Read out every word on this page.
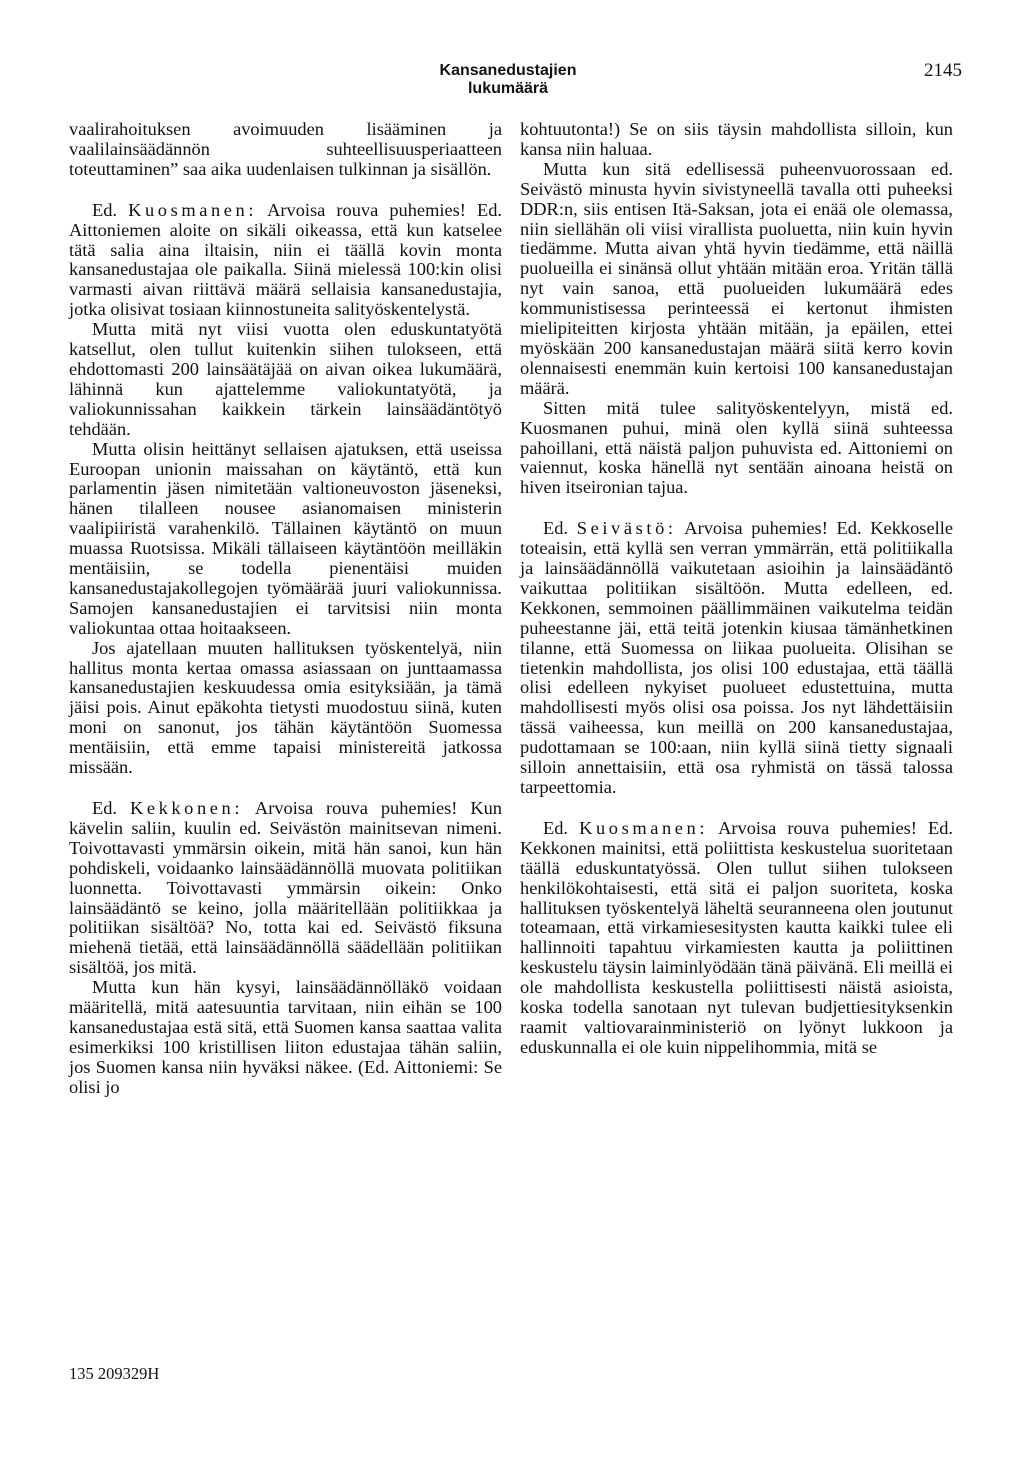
Kansanedustajien lukumäärä
2145

vaalirahoituksen avoimuuden lisääminen ja vaalilainsäädännön suhteellisuusperiaatteen toteuttaminen” saa aika uudenlaisen tulkinnan ja sisällön.

Ed. Kuosmanen: Arvoisa rouva puhemies! Ed. Aittoniemen aloite on sikäli oikeassa, että kun katselee tätä salia aina iltaisin, niin ei täällä kovin monta kansanedustajaa ole paikalla. Siinä mielessä 100:kin olisi varmasti aivan riittävä määrä sellaisia kansanedustajia, jotka olisivat tosiaan kiinnostuneita salityöskentelystä.

Mutta mitä nyt viisi vuotta olen eduskuntatyötä katsellut, olen tullut kuitenkin siihen tulokseen, että ehdottomasti 200 lainsäätäjää on aivan oikea lukumäärä, lähinnä kun ajattelemme valiokuntatyötä, ja valiokunnissahan kaikkein tärkein lainsäädäntötyö tehdään.

Mutta olisin heittänyt sellaisen ajatuksen, että useissa Euroopan unionin maissahan on käytäntö, että kun parlamentin jäsen nimitetään valtioneuvoston jäseneksi, hänen tilalleen nousee asianomaisen ministerin vaalipiiristä varahenkilö. Tällainen käytäntö on muun muassa Ruotsissa. Mikäli tällaiseen käytäntöön meilläkin mentäisiin, se todella pienentäisi muiden kansanedustajakollegojen työmäärää juuri valiokunnissa. Samojen kansanedustajien ei tarvitsisi niin monta valiokuntaa ottaa hoitaakseen.

Jos ajatellaan muuten hallituksen työskentelyä, niin hallitus monta kertaa omassa asiassaan on junttaamassa kansanedustajien keskuudessa omia esityksiään, ja tämä jäisi pois. Ainut epäkohta tietysti muodostuu siinä, kuten moni on sanonut, jos tähän käytäntöön Suomessa mentäisiin, että emme tapaisi ministereitä jatkossa missään.

Ed. Kekkonen: Arvoisa rouva puhemies! Kun kävelin saliin, kuulin ed. Seivästön mainitsevan nimeni. Toivottavasti ymmärsin oikein, mitä hän sanoi, kun hän pohdiskeli, voidaanko lainsäädännöllä muovata politiikan luonnetta. Toivottavasti ymmärsin oikein: Onko lainsäädäntö se keino, jolla määritellään politiikkaa ja politiikan sisältöä? No, totta kai ed. Seivästö fiksuna miehenä tietää, että lainsäädännöllä säädellään politiikan sisältöä, jos mitä.

Mutta kun hän kysyi, lainsäädännölläkö voidaan määritellä, mitä aatesuuntia tarvitaan, niin eihän se 100 kansanedustajaa estä sitä, että Suomen kansa saattaa valita esimerkiksi 100 kristillisen liiton edustajaa tähän saliin, jos Suomen kansa niin hyväksi näkee. (Ed. Aittoniemi: Se olisi jo

kohtuutonta!) Se on siis täysin mahdollista silloin, kun kansa niin haluaa.

Mutta kun sitä edellisessä puheenvuorossaan ed. Seivästö minusta hyvin sivistyneellä tavalla otti puheeksi DDR:n, siis entisen Itä-Saksan, jota ei enää ole olemassa, niin siellähän oli viisi virallista puoluetta, niin kuin hyvin tiedämme. Mutta aivan yhtä hyvin tiedämme, että näillä puolueilla ei sinänsä ollut yhtään mitään eroa. Yritän tällä nyt vain sanoa, että puolueiden lukumäärä edes kommunistisessa perinteessä ei kertonut ihmisten mielipiteitten kirjosta yhtään mitään, ja epäilen, ettei myöskään 200 kansanedustajan määrä siitä kerro kovin olennaisesti enemmän kuin kertoisi 100 kansanedustajan määrä.

Sitten mitä tulee salityöskentelyyn, mistä ed. Kuosmanen puhui, minä olen kyllä siinä suhteessa pahoillani, että näistä paljon puhuvista ed. Aittoniemi on vaiennut, koska hänellä nyt sentään ainoana heistä on hiven itseironian tajua.

Ed. Seivästö: Arvoisa puhemies! Ed. Kekkoselle toteaisin, että kyllä sen verran ymmärrän, että politiikalla ja lainsäädännöllä vaikutetaan asioihin ja lainsäädäntö vaikuttaa politiikan sisältöön. Mutta edelleen, ed. Kekkonen, semmoinen päällimmäinen vaikutelma teidän puheestanne jäi, että teitä jotenkin kiusaa tämänhetkinen tilanne, että Suomessa on liikaa puolueita. Olisihan se tietenkin mahdollista, jos olisi 100 edustajaa, että täällä olisi edelleen nykyiset puolueet edustettuina, mutta mahdollisesti myös olisi osa poissa. Jos nyt lähdettäisiin tässä vaiheessa, kun meillä on 200 kansanedustajaa, pudottamaan se 100:aan, niin kyllä siinä tietty signaali silloin annettaisiin, että osa ryhmistä on tässä talossa tarpeettomia.

Ed. Kuosmanen: Arvoisa rouva puhemies! Ed. Kekkonen mainitsi, että poliittista keskustelua suoritetaan täällä eduskuntatyössä. Olen tullut siihen tulokseen henkilökohtaisesti, että sitä ei paljon suoriteta, koska hallituksen työskentelyä läheltä seuranneena olen joutunut toteamaan, että virkamiesesitysten kautta kaikki tulee eli hallinnoiti tapahtuu virkamiesten kautta ja poliittinen keskustelu täysin laiminlyödään tänä päivänä. Eli meillä ei ole mahdollista keskustella poliittisesti näistä asioista, koska todella sanotaan nyt tulevan budjettiesityksenkin raamit valtiovarainministeriö on lyönyt lukkoon ja eduskunnalla ei ole kuin nippelihommia, mitä se

135 209329H
